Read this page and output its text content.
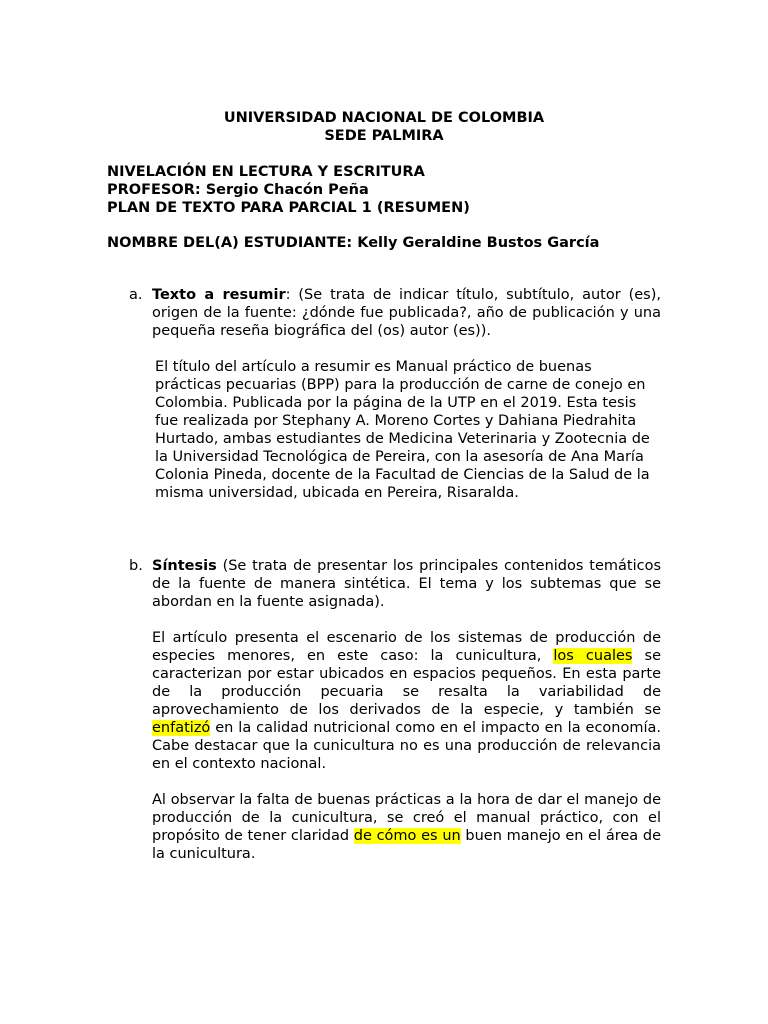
UNIVERSIDAD NACIONAL DE COLOMBIA
SEDE PALMIRA
NIVELACIÓN EN LECTURA Y ESCRITURA
PROFESOR: Sergio Chacón Peña
PLAN DE TEXTO PARA PARCIAL 1 (RESUMEN)
NOMBRE DEL(A) ESTUDIANTE: Kelly Geraldine Bustos García
a. Texto a resumir: (Se trata de indicar título, subtítulo, autor (es), origen de la fuente: ¿dónde fue publicada?, año de publicación y una pequeña reseña biográfica del (os) autor (es)).

El título del artículo a resumir es Manual práctico de buenas prácticas pecuarias (BPP) para la producción de carne de conejo en Colombia. Publicada por la página de la UTP en el 2019. Esta tesis fue realizada por Stephany A. Moreno Cortes y Dahiana Piedrahita Hurtado, ambas estudiantes de Medicina Veterinaria y Zootecnia de la Universidad Tecnológica de Pereira, con la asesoría de Ana María Colonia Pineda, docente de la Facultad de Ciencias de la Salud de la misma universidad, ubicada en Pereira, Risaralda.

b. Síntesis (Se trata de presentar los principales contenidos temáticos de la fuente de manera sintética. El tema y los subtemas que se abordan en la fuente asignada).

El artículo presenta el escenario de los sistemas de producción de especies menores, en este caso: la cunicultura, los cuales se caracterizan por estar ubicados en espacios pequeños. En esta parte de la producción pecuaria se resalta la variabilidad de aprovechamiento de los derivados de la especie, y también se enfatizó en la calidad nutricional como en el impacto en la economía. Cabe destacar que la cunicultura no es una producción de relevancia en el contexto nacional.

Al observar la falta de buenas prácticas a la hora de dar el manejo de producción de la cunicultura, se creó el manual práctico, con el propósito de tener claridad de cómo es un buen manejo en el área de la cunicultura.
